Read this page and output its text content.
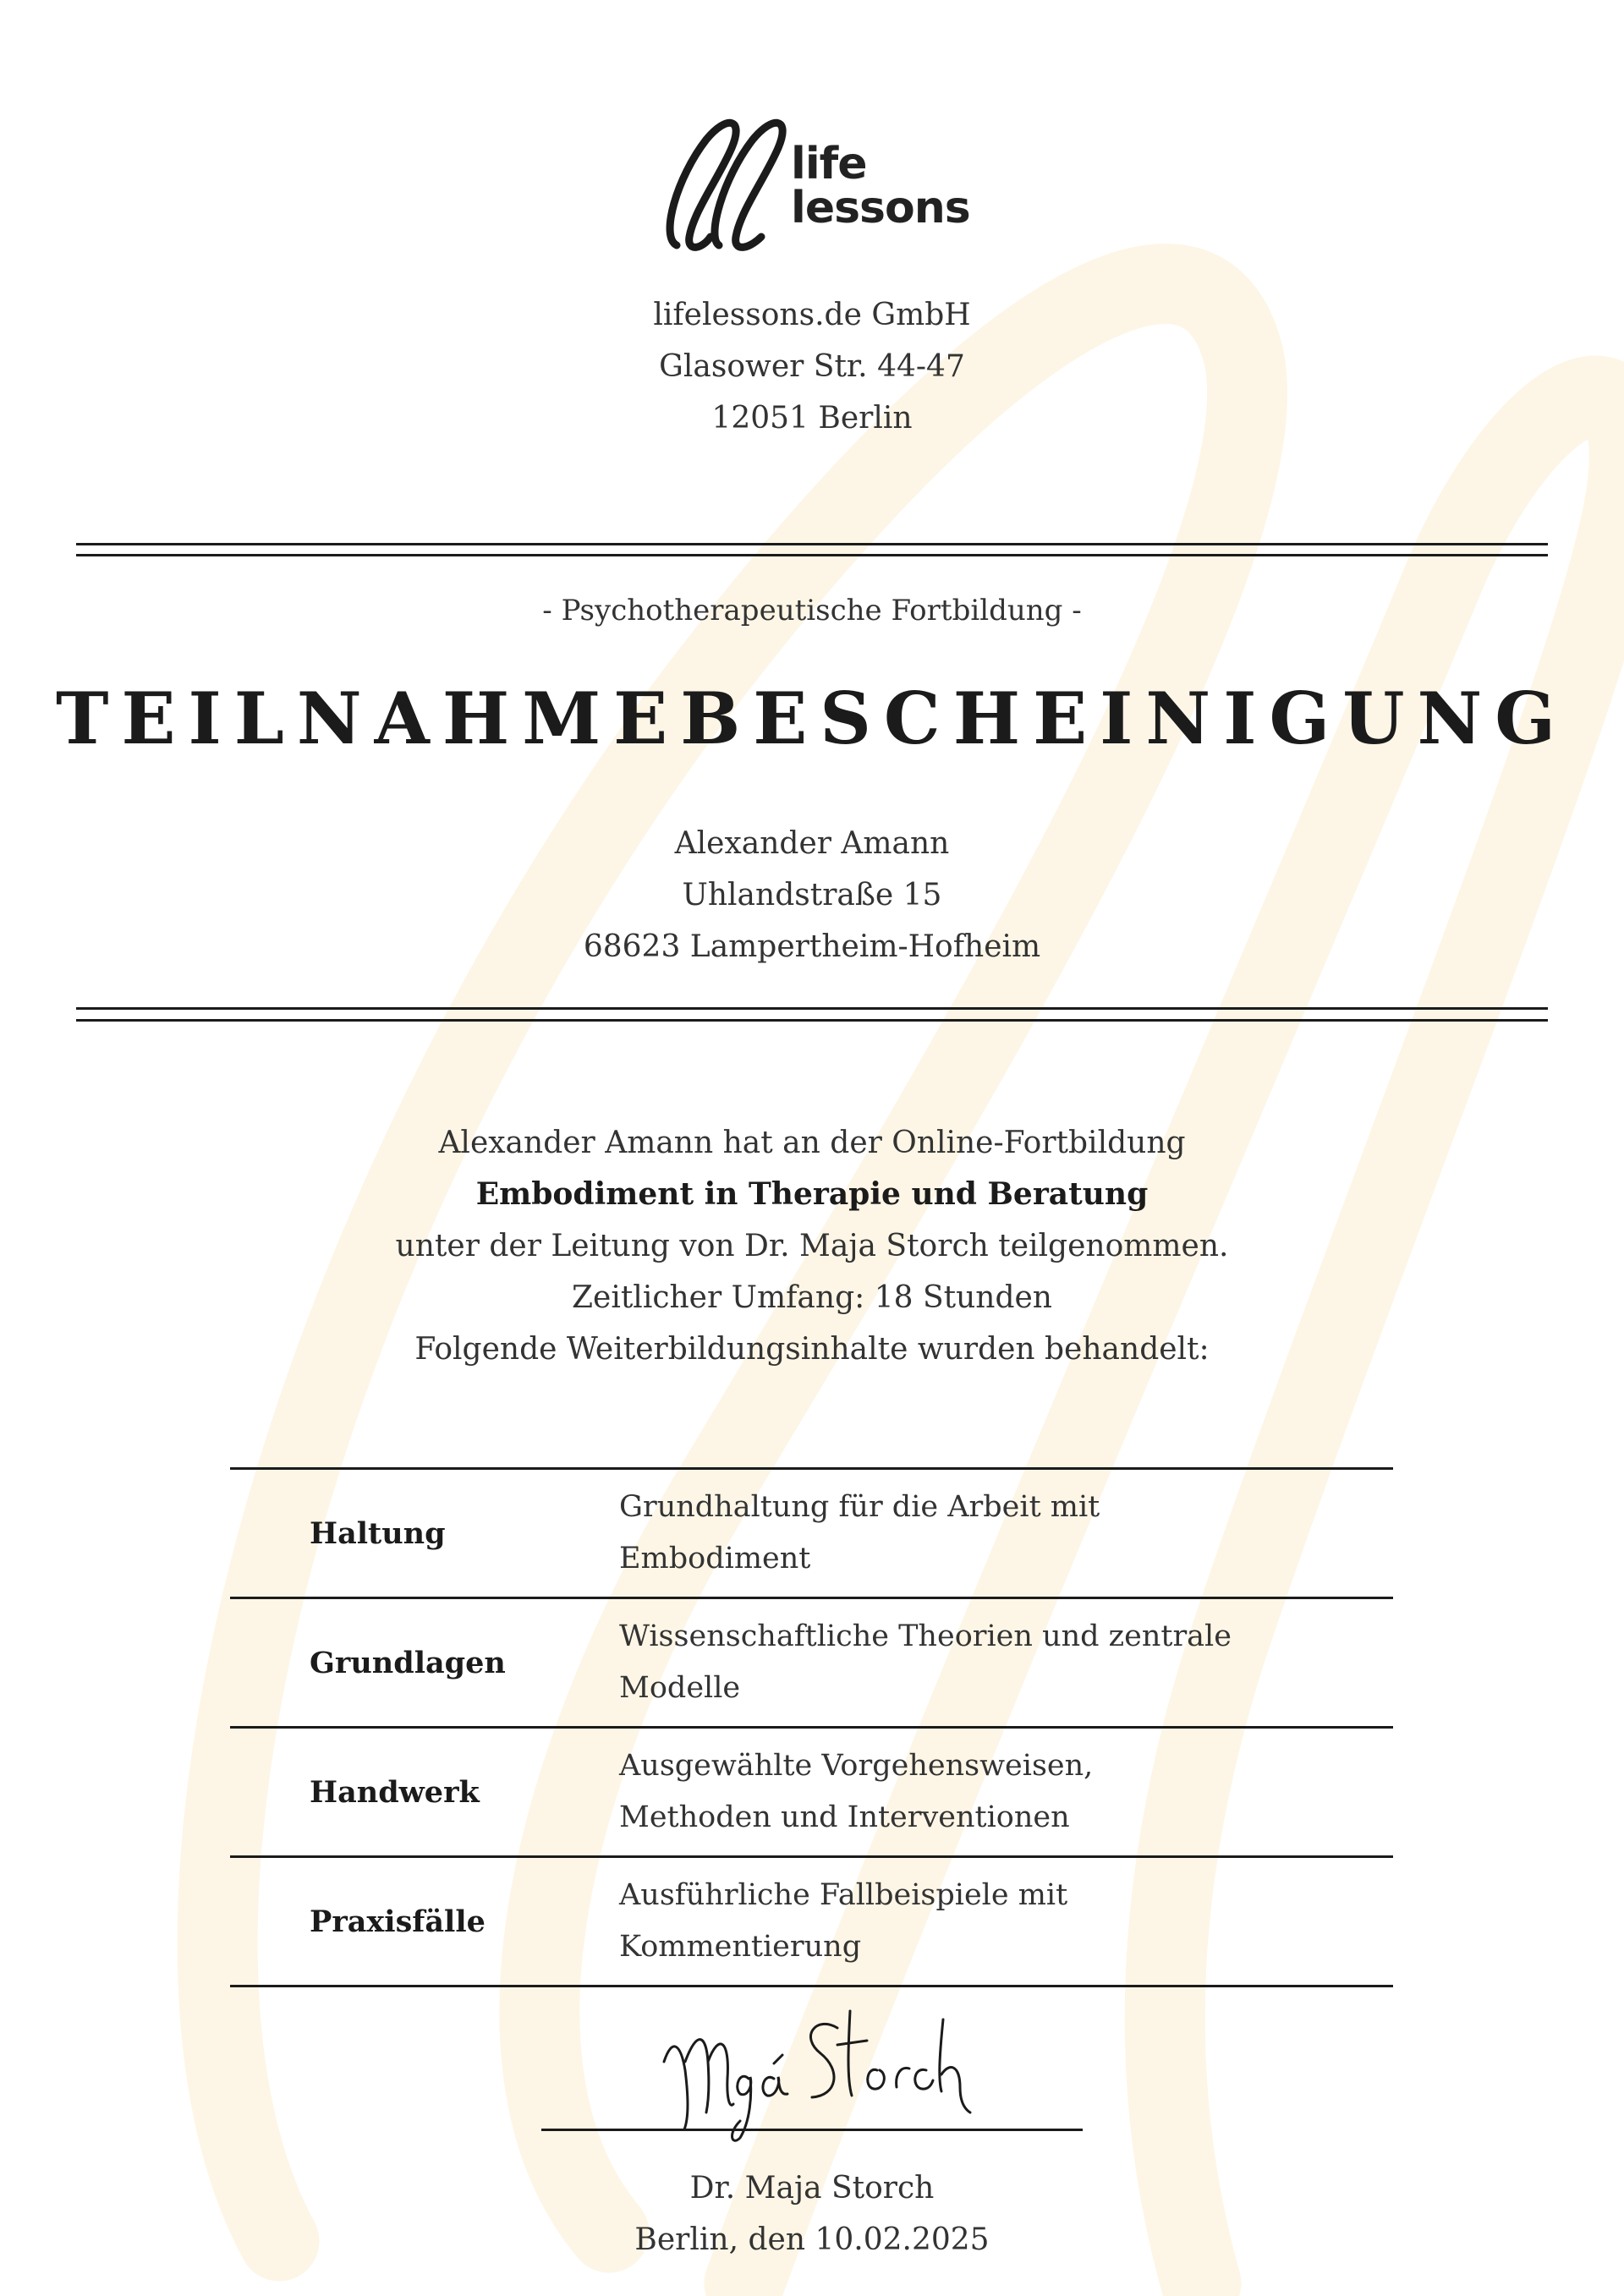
life
lessons
lifelessons.de GmbH
Glasower Str. 44-47
12051 Berlin
- Psychotherapeutische Fortbildung -
TEILNAHMEBESCHEINIGUNG
Alexander Amann
Uhlandstraße 15
68623 Lampertheim-Hofheim
Alexander Amann hat an der Online-Fortbildung
Embodiment in Therapie und Beratung
unter der Leitung von Dr. Maja Storch teilgenommen.
Zeitlicher Umfang: 18 Stunden
Folgende Weiterbildungsinhalte wurden behandelt:
Haltung	Grundhaltung für die Arbeit mit
Embodiment

Grundlagen	Wissenschaftliche Theorien und zentrale
Modelle

Handwerk	Ausgewählte Vorgehensweisen,
Methoden und Interventionen

Praxisfälle	Ausführliche Fallbeispiele mit
Kommentierung
Dr. Maja Storch
Berlin, den 10.02.2025
